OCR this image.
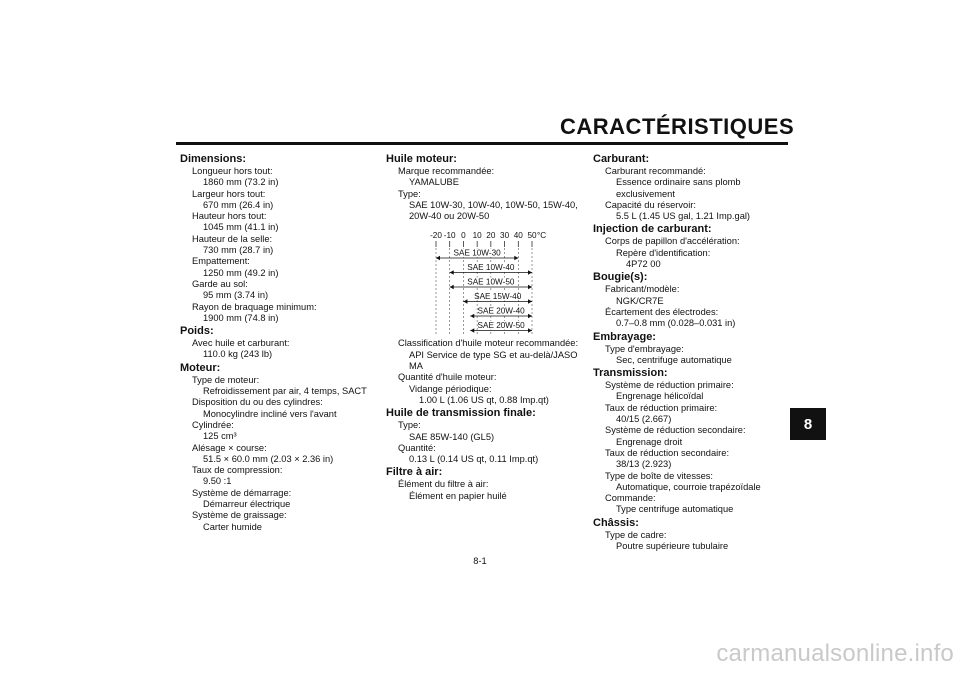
CARACTÉRISTIQUES
8
Dimensions:
Longueur hors tout:
1860 mm (73.2 in)
Largeur hors tout:
670 mm (26.4 in)
Hauteur hors tout:
1045 mm (41.1 in)
Hauteur de la selle:
730 mm (28.7 in)
Empattement:
1250 mm (49.2 in)
Garde au sol:
95 mm (3.74 in)
Rayon de braquage minimum:
1900 mm (74.8 in)
Poids:
Avec huile et carburant:
110.0 kg (243 lb)
Moteur:
Type de moteur:
Refroidissement par air, 4 temps, SACT
Disposition du ou des cylindres:
Monocylindre incliné vers l'avant
Cylindrée:
125 cm³
Alésage × course:
51.5 × 60.0 mm (2.03 × 2.36 in)
Taux de compression:
9.50 :1
Système de démarrage:
Démarreur électrique
Système de graissage:
Carter humide
Huile moteur:
Marque recommandée:
YAMALUBE
Type:
SAE 10W-30, 10W-40, 10W-50, 15W-40,
20W-40 ou 20W-50
-20 -10 0 10 20 30 40 50 °C
SAE 10W-30
SAE 10W-40
SAE 10W-50
SAE 15W-40
SAE 20W-40
SAE 20W-50
Classification d'huile moteur recommandée:
API Service de type SG et au-delà/JASO
MA
Quantité d'huile moteur:
Vidange périodique:
1.00 L (1.06 US qt, 0.88 Imp.qt)
Huile de transmission finale:
Type:
SAE 85W-140 (GL5)
Quantité:
0.13 L (0.14 US qt, 0.11 Imp.qt)
Filtre à air:
Élément du filtre à air:
Élément en papier huilé
Carburant:
Carburant recommandé:
Essence ordinaire sans plomb
exclusivement
Capacité du réservoir:
5.5 L (1.45 US gal, 1.21 Imp.gal)
Injection de carburant:
Corps de papillon d'accélération:
Repère d'identification:
4P72 00
Bougie(s):
Fabricant/modèle:
NGK/CR7E
Écartement des électrodes:
0.7–0.8 mm (0.028–0.031 in)
Embrayage:
Type d'embrayage:
Sec, centrifuge automatique
Transmission:
Système de réduction primaire:
Engrenage hélicoïdal
Taux de réduction primaire:
40/15 (2.667)
Système de réduction secondaire:
Engrenage droit
Taux de réduction secondaire:
38/13 (2.923)
Type de boîte de vitesses:
Automatique, courroie trapézoïdale
Commande:
Type centrifuge automatique
Châssis:
Type de cadre:
Poutre supérieure tubulaire
8-1
carmanualsonline.info
